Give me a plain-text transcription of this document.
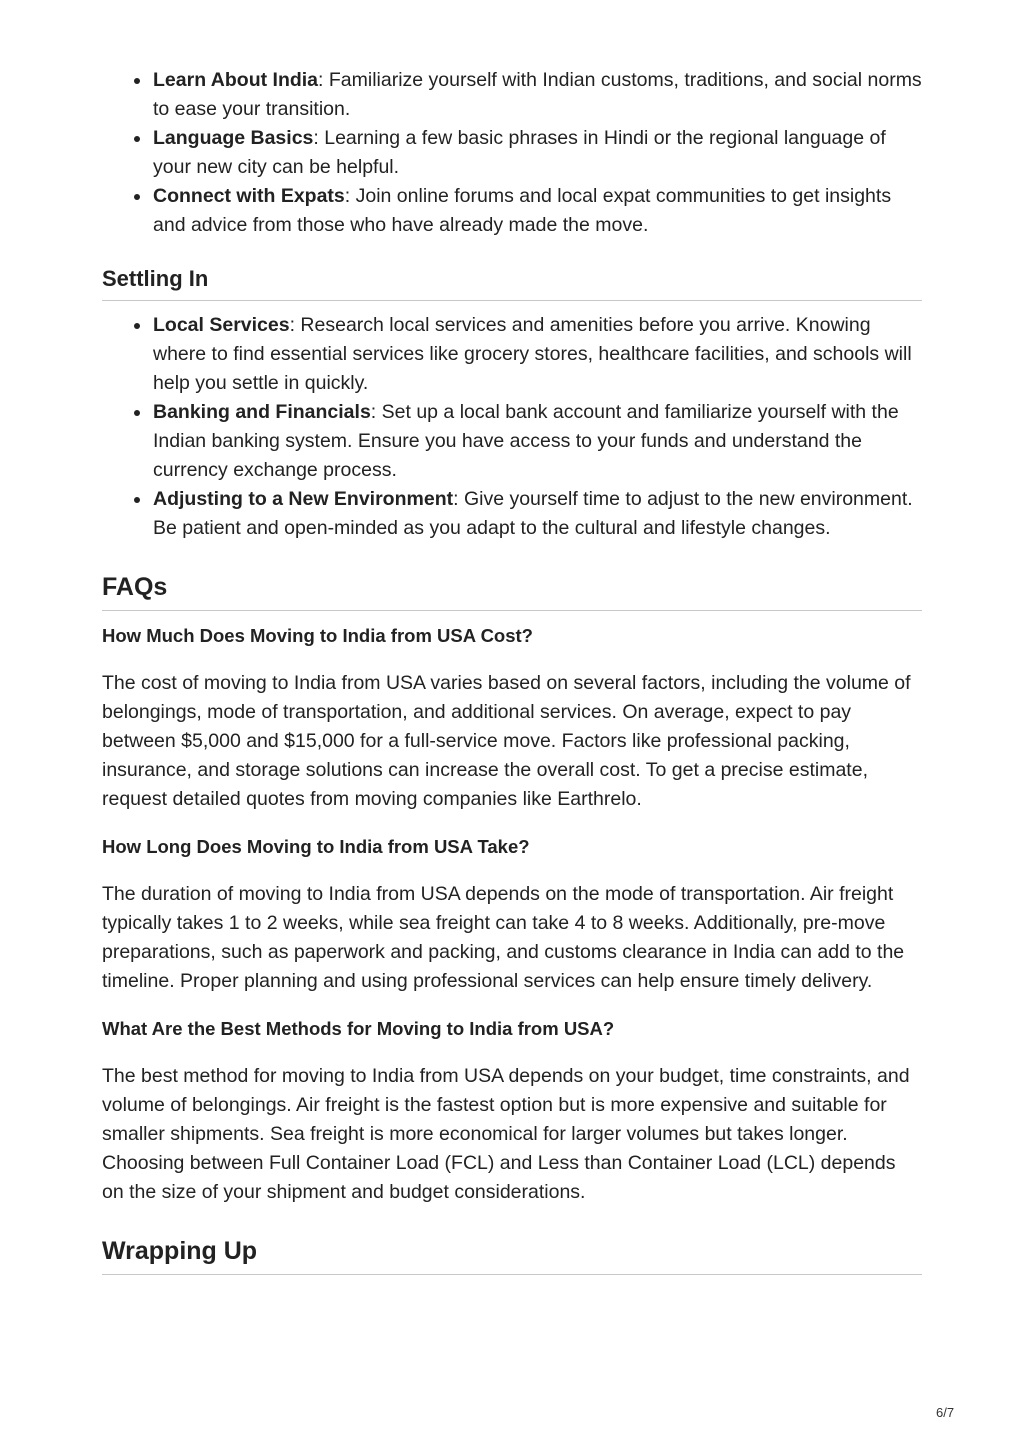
Learn About India: Familiarize yourself with Indian customs, traditions, and social norms to ease your transition.
Language Basics: Learning a few basic phrases in Hindi or the regional language of your new city can be helpful.
Connect with Expats: Join online forums and local expat communities to get insights and advice from those who have already made the move.
Settling In
Local Services: Research local services and amenities before you arrive. Knowing where to find essential services like grocery stores, healthcare facilities, and schools will help you settle in quickly.
Banking and Financials: Set up a local bank account and familiarize yourself with the Indian banking system. Ensure you have access to your funds and understand the currency exchange process.
Adjusting to a New Environment: Give yourself time to adjust to the new environment. Be patient and open-minded as you adapt to the cultural and lifestyle changes.
FAQs
How Much Does Moving to India from USA Cost?

The cost of moving to India from USA varies based on several factors, including the volume of belongings, mode of transportation, and additional services. On average, expect to pay between $5,000 and $15,000 for a full-service move. Factors like professional packing, insurance, and storage solutions can increase the overall cost. To get a precise estimate, request detailed quotes from moving companies like Earthrelo.

How Long Does Moving to India from USA Take?

The duration of moving to India from USA depends on the mode of transportation. Air freight typically takes 1 to 2 weeks, while sea freight can take 4 to 8 weeks. Additionally, pre-move preparations, such as paperwork and packing, and customs clearance in India can add to the timeline. Proper planning and using professional services can help ensure timely delivery.

What Are the Best Methods for Moving to India from USA?

The best method for moving to India from USA depends on your budget, time constraints, and volume of belongings. Air freight is the fastest option but is more expensive and suitable for smaller shipments. Sea freight is more economical for larger volumes but takes longer. Choosing between Full Container Load (FCL) and Less than Container Load (LCL) depends on the size of your shipment and budget considerations.

Wrapping Up
6/7
